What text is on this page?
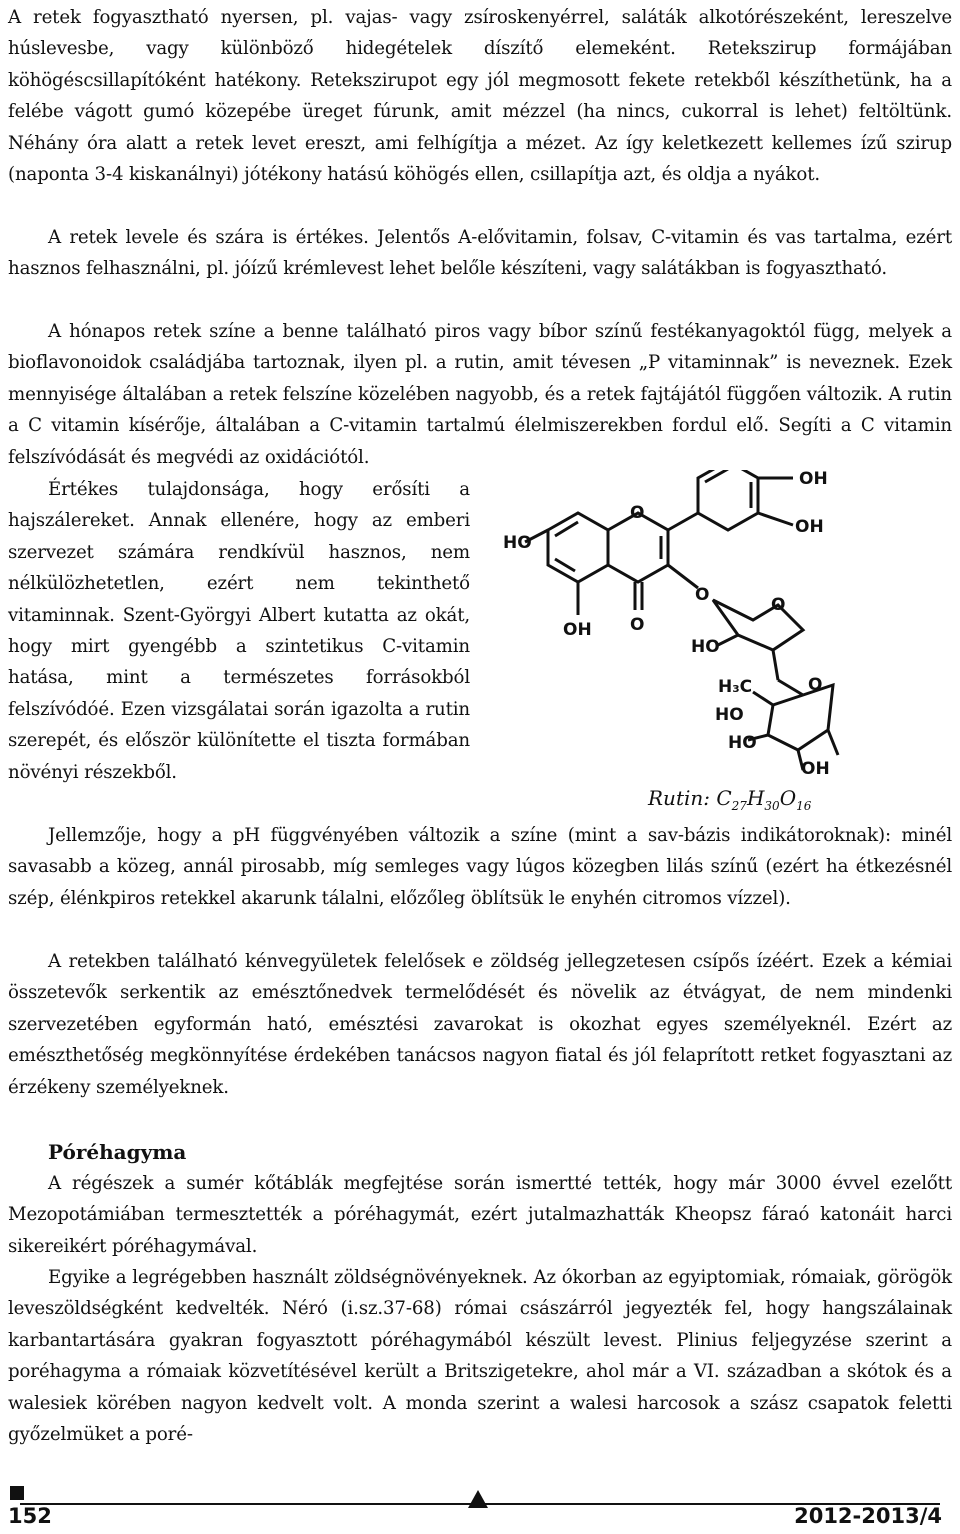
A retek fogyasztható nyersen, pl. vajas- vagy zsíroskenyérrel, saláták alkotórészeként, lereszelve húslevesbe, vagy különböző hidegételek díszítő elemeként. Retekszirup formájában köhögéscsillapítóként hatékony. Retekszirupot egy jól megmosott fekete retekből készíthetünk, ha a felébe vágott gumó közepébe üreget fúrunk, amit mézzel (ha nincs, cukorral is lehet) feltöltünk. Néhány óra alatt a retek levet ereszt, ami felhígítja a mézet. Az így keletkezett kellemes ízű szirup (naponta 3-4 kiskanálnyi) jótékony hatású köhögés ellen, csillapítja azt, és oldja a nyákot.

A retek levele és szára is értékes. Jelentős A-elővitamin, folsav, C-vitamin és vas tartalma, ezért hasznos felhasználni, pl. jóízű krémlevest lehet belőle készíteni, vagy salátákban is fogyasztható.

A hónapos retek színe a benne található piros vagy bíbor színű festékanyagoktól függ, melyek a bioflavonoidok családjába tartoznak, ilyen pl. a rutin, amit tévesen „P vitaminnak” is neveznek. Ezek mennyisége általában a retek felszíne közelében nagyobb, és a retek fajtájától függően változik. A rutin a C vitamin kísérője, általában a C-vitamin tartalmú élelmiszerekben fordul elő. Segíti a C vitamin felszívódását és megvédi az oxidációtól.

Értékes tulajdonsága, hogy erősíti a hajszálereket. Annak ellenére, hogy az emberi szervezet számára rendkívül hasznos, nem nélkülözhetetlen, ezért nem tekinthető vitaminnak. Szent-Györgyi Albert kutatta az okát, hogy mirt gyengébb a szintetikus C-vitamin hatása, mint a természetes forrásokból felszívódóé. Ezen vizsgálatai során igazolta a rutin szerepét, és először különítette el tiszta formában növényi részekből.

OH
OH
HO
O
O
OH
O	O
HO
H₃C	O
HO
HO
OH
Rutin: $C_{27}H_{30}O_{16}$

Jellemzője, hogy a pH függvényében változik a színe (mint a sav-bázis indikátoroknak): minél savasabb a közeg, annál pirosabb, míg semleges vagy lúgos közegben lilás színű (ezért ha étkezésnél szép, élénkpiros retekkel akarunk tálalni, előzőleg öblítsük le enyhén citromos vízzel).

A retekben található kénvegyületek felelősek e zöldség jellegzetesen csípős ízéért. Ezek a kémiai összetevők serkentik az emésztőnedvek termelődését és növelik az étvágyat, de nem mindenki szervezetében egyformán ható, emésztési zavarokat is okozhat egyes személyeknél. Ezért az emészthetőség megkönnyítése érdekében tanácsos nagyon fiatal és jól felaprított retket fogyasztani az érzékeny személyeknek.

Póréhagyma

A régészek a sumér kőtáblák megfejtése során ismertté tették, hogy már 3000 évvel ezelőtt Mezopotámiában termesztették a póréhagymát, ezért jutalmazhatták Kheopsz fáraó katonáit harci sikereikért póréhagymával.

Egyike a legrégebben használt zöldségnövényeknek. Az ókorban az egyiptomiak, rómaiak, görögök leveszöldségként kedvelték. Néró (i.sz.37-68) római császárról jegyezték fel, hogy hangszálainak karbantartására gyakran fogyasztott póréhagymából készült levest. Plinius feljegyzése szerint a poréhagyma a rómaiak közvetítésével került a Britszigetekre, ahol már a VI. században a skótok és a walesiek körében nagyon kedvelt volt. A monda szerint a walesi harcosok a szász csapatok feletti győzelmüket a poré-

152	2012-2013/4
